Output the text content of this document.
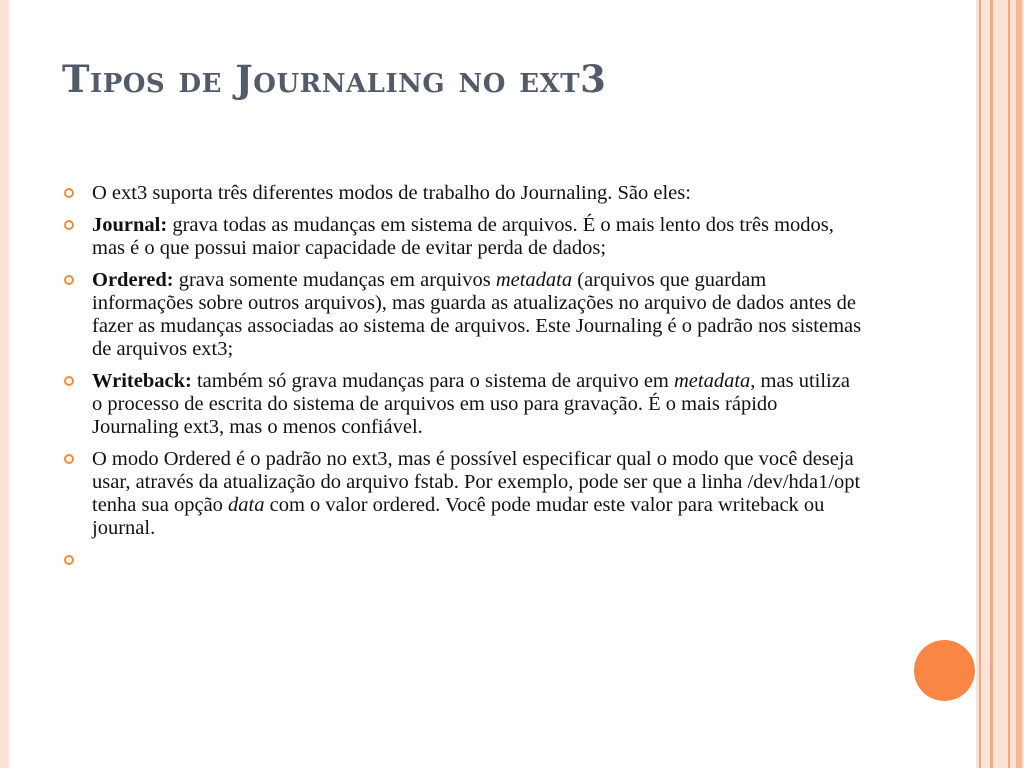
Tipos de Journaling no ext3
O ext3 suporta três diferentes modos de trabalho do Journaling. São eles:
Journal: grava todas as mudanças em sistema de arquivos. É o mais lento dos três modos, mas é o que possui maior capacidade de evitar perda de dados;
Ordered: grava somente mudanças em arquivos metadata (arquivos que guardam informações sobre outros arquivos), mas guarda as atualizações no arquivo de dados antes de fazer as mudanças associadas ao sistema de arquivos. Este Journaling é o padrão nos sistemas de arquivos ext3;
Writeback: também só grava mudanças para o sistema de arquivo em metadata, mas utiliza o processo de escrita do sistema de arquivos em uso para gravação. É o mais rápido Journaling ext3, mas o menos confiável.
O modo Ordered é o padrão no ext3, mas é possível especificar qual o modo que você deseja usar, através da atualização do arquivo fstab. Por exemplo, pode ser que a linha /dev/hda1/opt tenha sua opção data com o valor ordered. Você pode mudar este valor para writeback ou journal.
